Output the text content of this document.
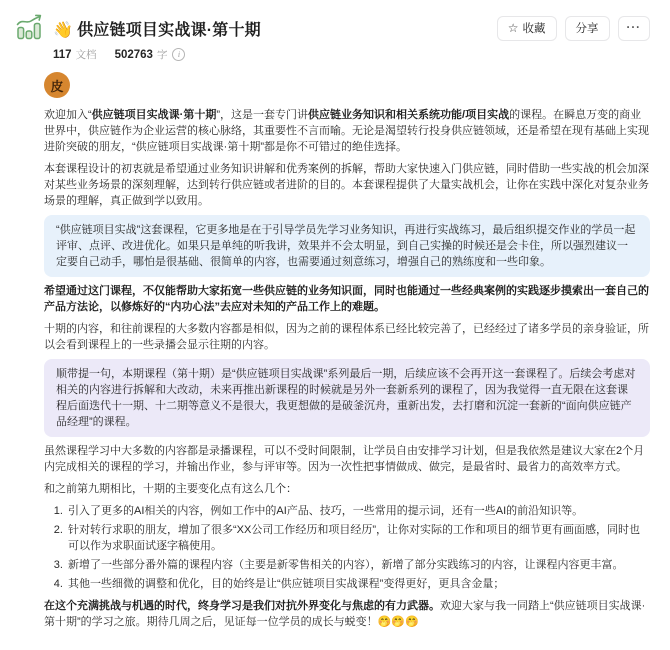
👋 供应链项目实战课·第十期	☆ 收藏	分享 ···
117 文档 502763 字	i
皮

欢迎加入“供应链项目实战课·第十期”，这是一套专门讲供应链业务知识和相关系统功能/项目实战的课程。在瞬息万变的商业世界中，供应链作为企业运营的核心脉络，其重要性不言而喻。无论是渴望转行投身供应链领域，还是希望在现有基础上实现进阶突破的朋友，“供应链项目实战课·第十期”都是你不可错过的绝佳选择。

本套课程设计的初衷就是希望通过业务知识讲解和优秀案例的拆解，帮助大家快速入门供应链，同时借助一些实战的机会加深对某些业务场景的深刻理解，达到转行供应链或者进阶的目的。本套课程提供了大量实战机会，让你在实践中深化对复杂业务场景的理解，真正做到学以致用。

“供应链项目实战”这套课程，它更多地是在于引导学员先学习业务知识，再进行实战练习，最后组织提交作业的学员一起评审、点评、改进优化。如果只是单纯的听我讲，效果并不会太明显，到自己实操的时候还是会卡住，所以强烈建议一定要自己动手，哪怕是很基础、很简单的内容，也需要通过刻意练习，增强自己的熟练度和一些印象。

希望通过这门课程，不仅能帮助大家拓宽一些供应链的业务知识面，同时也能通过一些经典案例的实践逐步摸索出一套自己的产品方法论，以修炼好的“内功心法”去应对未知的产品工作上的难题。

十期的内容，和往前课程的大多数内容都是相似，因为之前的课程体系已经比较完善了，已经经过了诸多学员的亲身验证，所以会看到课程上的一些录播会显示往期的内容。

顺带提一句，本期课程（第十期）是“供应链项目实战课”系列最后一期，后续应该不会再开这一套课程了。后续会考虑对相关的内容进行拆解和大改动，未来再推出新课程的时候就是另外一套新系列的课程了，因为我觉得一直无限在这套课程后面迭代十一期、十二期等意义不是很大，我更想做的是破釜沉舟，重新出发，去打磨和沉淀一套新的“面向供应链产品经理”的课程。

虽然课程学习中大多数的内容都是录播课程，可以不受时间限制，让学员自由安排学习计划，但是我依然是建议大家在2个月内完成相关的课程的学习，并输出作业，参与评审等。因为一次性把事情做成、做完，是最省时、最省力的高效率方式。

和之前第九期相比，十期的主要变化点有这么几个：

1. 引入了更多的AI相关的内容，例如工作中的AI产品、技巧，一些常用的提示词，还有一些AI的前沿知识等。
2. 针对转行求职的朋友，增加了很多“XX公司工作经历和项目经历”，让你对实际的工作和项目的细节更有画面感，同时也可以作为求职面试逐字稿使用。
3. 新增了一些部分番外篇的课程内容（主要是新零售相关的内容），新增了部分实践练习的内容，让课程内容更丰富。
4. 其他一些细微的调整和优化，目的始终是让“供应链项目实战课程”变得更好，更具含金量；

在这个充满挑战与机遇的时代，终身学习是我们对抗外界变化与焦虑的有力武器。欢迎大家与我一同踏上“供应链项目实战课·第十期”的学习之旅。期待几周之后，见证每一位学员的成长与蜕变！🤭🤭🤭
